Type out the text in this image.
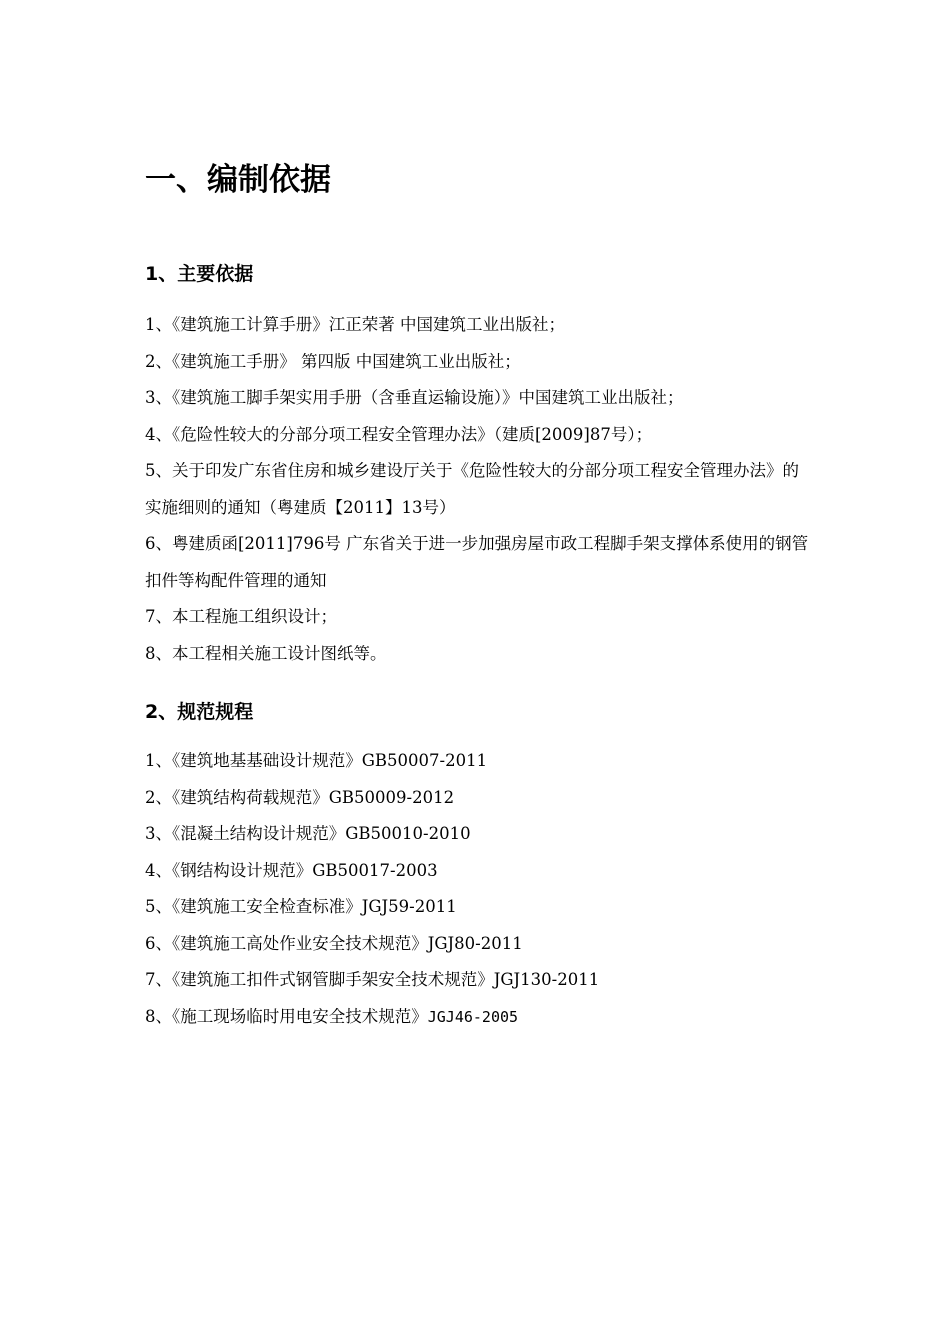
一、编制依据
1、主要依据
1、《建筑施工计算手册》江正荣著 中国建筑工业出版社；
2、《建筑施工手册》 第四版 中国建筑工业出版社；
3、《建筑施工脚手架实用手册（含垂直运输设施）》中国建筑工业出版社；
4、《危险性较大的分部分项工程安全管理办法》（建质[2009]87号）；
5、关于印发广东省住房和城乡建设厅关于《危险性较大的分部分项工程安全管理办法》的实施细则的通知（粤建质【2011】13号）
6、粤建质函[2011]796号 广东省关于进一步加强房屋市政工程脚手架支撑体系使用的钢管扣件等构配件管理的通知
7、本工程施工组织设计；
8、本工程相关施工设计图纸等。
2、规范规程
1、《建筑地基基础设计规范》GB50007-2011
2、《建筑结构荷载规范》GB50009-2012
3、《混凝土结构设计规范》GB50010-2010
4、《钢结构设计规范》GB50017-2003
5、《建筑施工安全检查标准》JGJ59-2011
6、《建筑施工高处作业安全技术规范》JGJ80-2011
7、《建筑施工扣件式钢管脚手架安全技术规范》JGJ130-2011
8、《施工现场临时用电安全技术规范》JGJ46-2005
